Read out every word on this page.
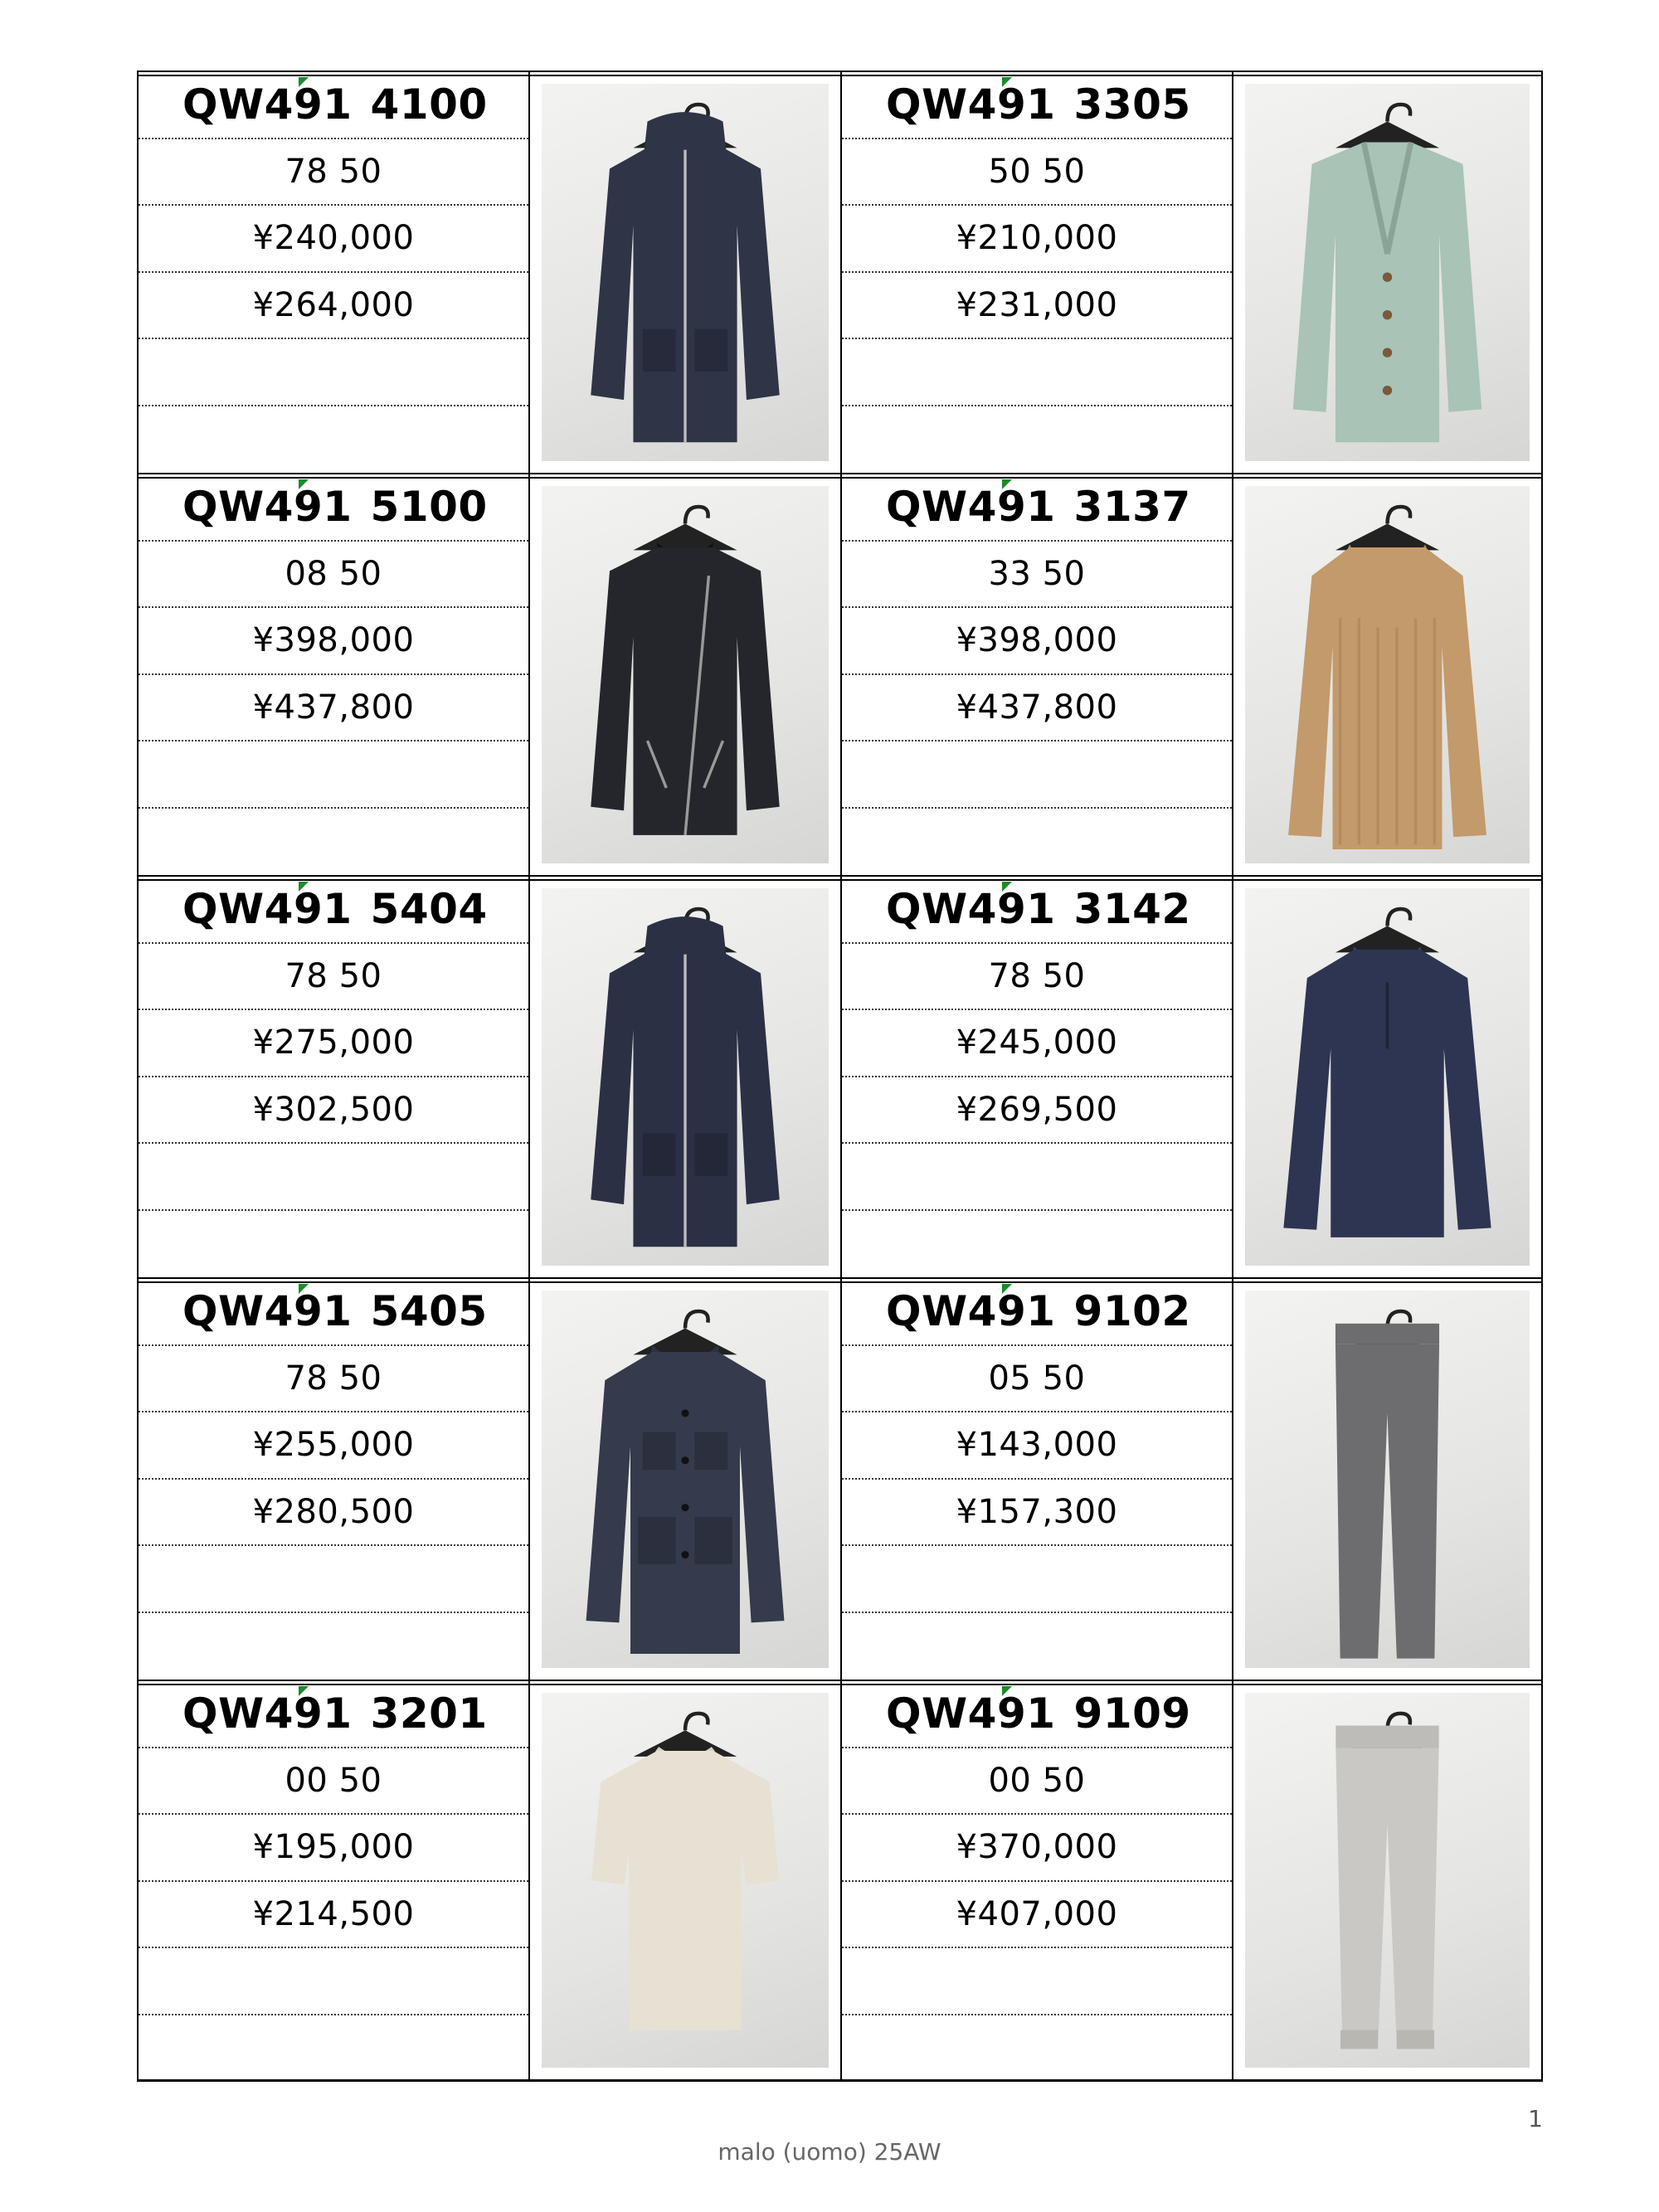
QW491 4100
78 50
¥240,000
¥264,000
QW491 3305
50 50
¥210,000
¥231,000
QW491 5100
08 50
¥398,000
¥437,800
QW491 3137
33 50
¥398,000
¥437,800
QW491 5404
78 50
¥275,000
¥302,500
QW491 3142
78 50
¥245,000
¥269,500
QW491 5405
78 50
¥255,000
¥280,500
QW491 9102
05 50
¥143,000
¥157,300
QW491 3201
00 50
¥195,000
¥214,500
QW491 9109
00 50
¥370,000
¥407,000
1
malo (uomo) 25AW
